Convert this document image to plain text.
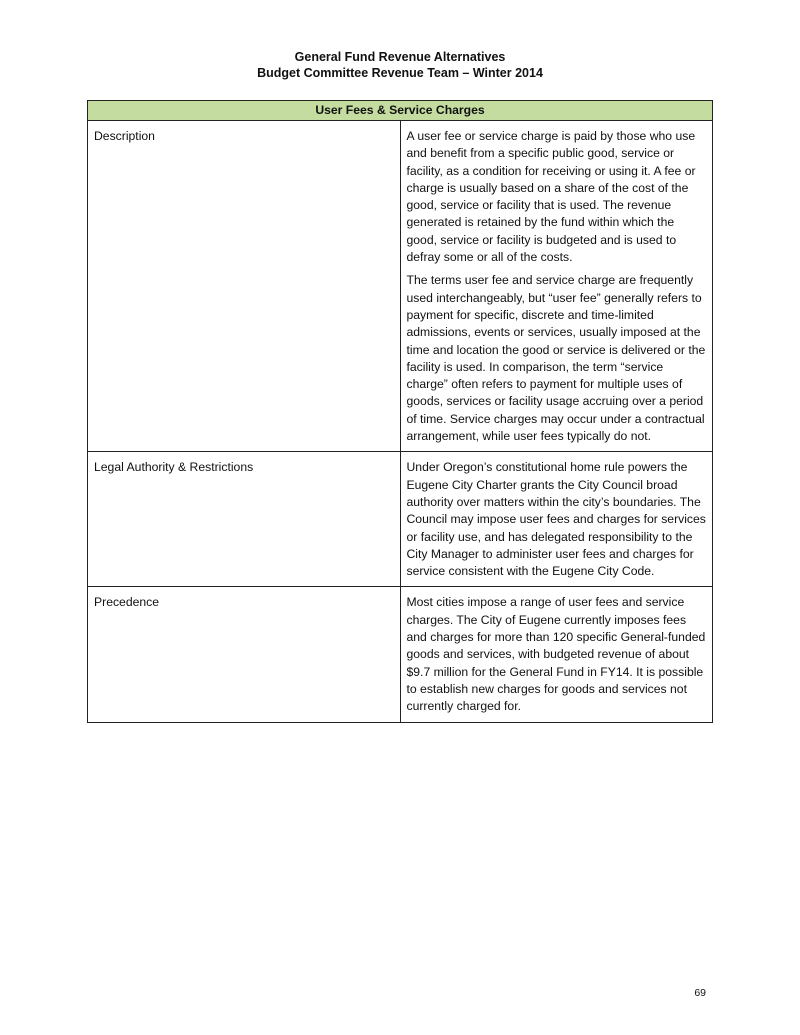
General Fund Revenue Alternatives
Budget Committee Revenue Team – Winter 2014
User Fees & Service Charges	
Description	A user fee or service charge is paid by those who use and benefit from a specific public good, service or facility, as a condition for receiving or using it. A fee or charge is usually based on a share of the cost of the good, service or facility that is used. The revenue generated is retained by the fund within which the good, service or facility is budgeted and is used to defray some or all of the costs.

The terms user fee and service charge are frequently used interchangeably, but “user fee” generally refers to payment for specific, discrete and time-limited admissions, events or services, usually imposed at the time and location the good or service is delivered or the facility is used. In comparison, the term “service charge” often refers to payment for multiple uses of goods, services or facility usage accruing over a period of time. Service charges may occur under a contractual arrangement, while user fees typically do not.

Legal Authority & Restrictions	Under Oregon’s constitutional home rule powers the Eugene City Charter grants the City Council broad authority over matters within the city’s boundaries. The Council may impose user fees and charges for services or facility use, and has delegated responsibility to the City Manager to administer user fees and charges for service consistent with the Eugene City Code.

Precedence	Most cities impose a range of user fees and service charges. The City of Eugene currently imposes fees and charges for more than 120 specific General-funded goods and services, with budgeted revenue of about $9.7 million for the General Fund in FY14. It is possible to establish new charges for goods and services not currently charged for.

69
